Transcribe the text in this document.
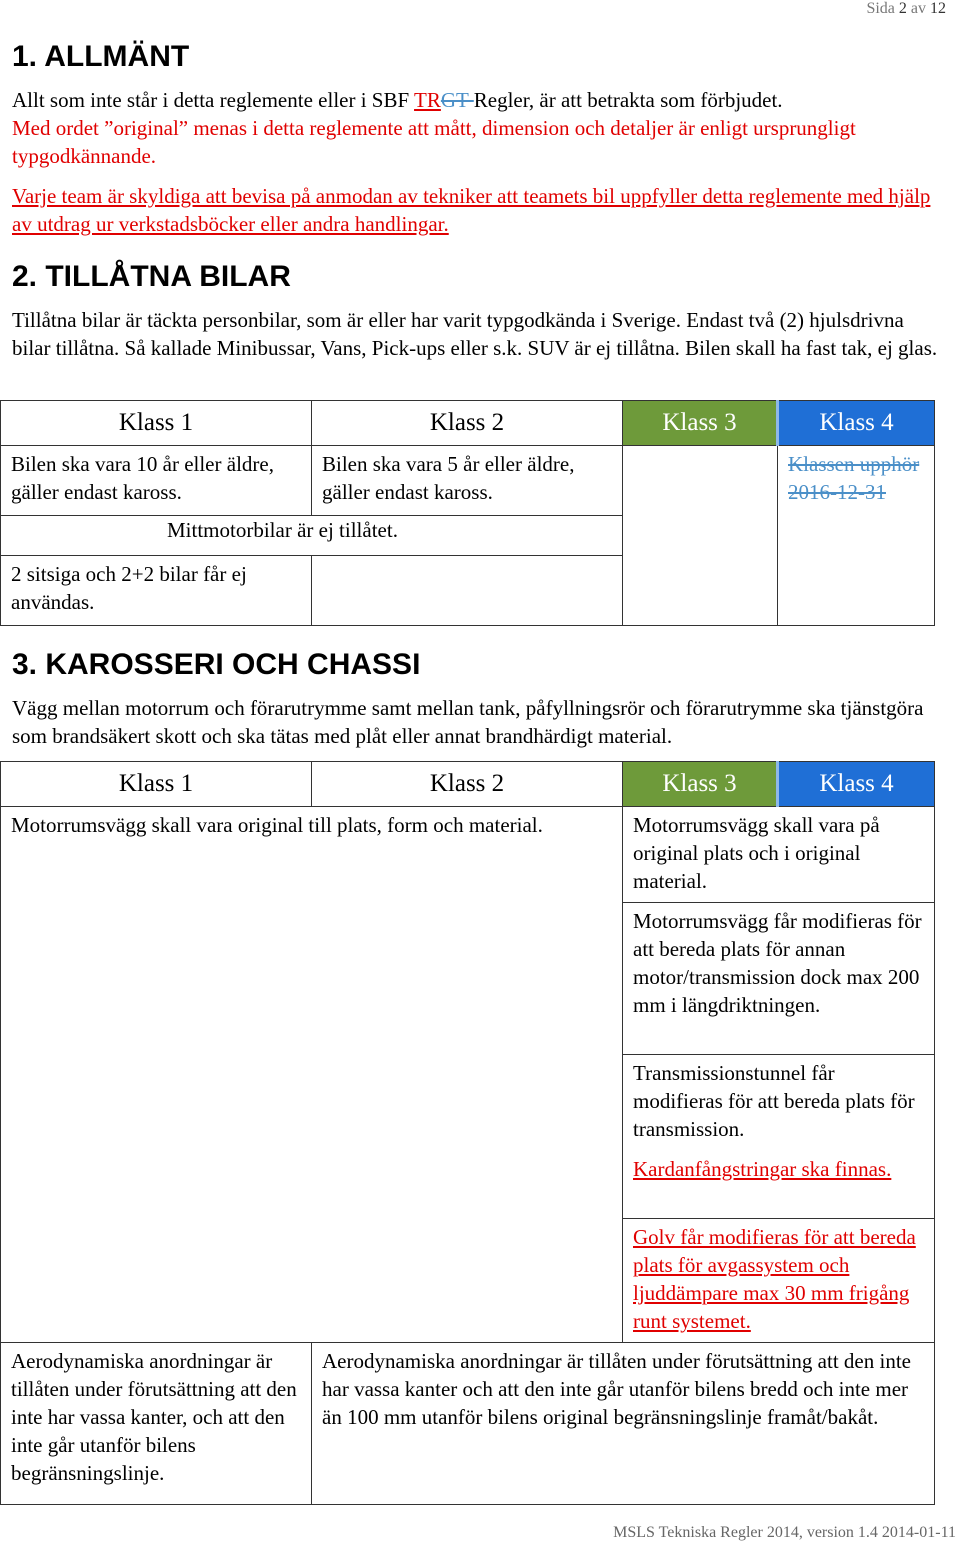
Sida 2 av 12
1. ALLMÄNT
Allt som inte står i detta reglemente eller i SBF TRGT Regler, är att betrakta som förbjudet.
Med ordet ”original” menas i detta reglemente att mått, dimension och detaljer är enligt ursprungligt typgodkännande.
Varje team är skyldiga att bevisa på anmodan av tekniker att teamets bil uppfyller detta reglemente med hjälp av utdrag ur verkstadsböcker eller andra handlingar.
2. TILLÅTNA BILAR
Tillåtna bilar är täckta personbilar, som är eller har varit typgodkända i Sverige. Endast två (2) hjulsdrivna bilar tillåtna. Så kallade Minibussar, Vans, Pick-ups eller s.k. SUV är ej tillåtna. Bilen skall ha fast tak, ej glas.
Klass 1	Klass 2	Klass 3	Klass 4
Bilen ska vara 10 år eller äldre, gäller endast kaross.	Bilen ska vara 5 år eller äldre, gäller endast kaross.		Klassen upphör 2016-12-31
Mittmotorbilar är ej tillåtet.			
2 sitsiga och 2+2 bilar får ej användas.			
3. KAROSSERI OCH CHASSI
Vägg mellan motorrum och förarutrymme samt mellan tank, påfyllningsrör och förarutrymme ska tjänstgöra som brandsäkert skott och ska tätas med plåt eller annat brandhärdigt material.
Klass 1	Klass 2	Klass 3	Klass 4
Motorrumsvägg skall vara original till plats, form och material.		Motorrumsvägg skall vara på original plats och i original material.	
		Motorrumsvägg får modifieras för att bereda plats för annan motor/transmission dock max 200 mm i längdriktningen.	

		Transmissionstunnel får modifieras för att bereda plats för transmission.
Kardanfångstringar ska finnas.	

		Golv får modifieras för att bereda plats för avgassystem och ljuddämpare max 30 mm frigång runt systemet.	
Aerodynamiska anordningar är tillåten under förutsättning att den inte har vassa kanter, och att den inte går utanför bilens begränsningslinje.	Aerodynamiska anordningar är tillåten under förutsättning att den inte har vassa kanter och att den inte går utanför bilens bredd och inte mer än 100 mm utanför bilens original begränsningslinje framåt/bakåt.		
MSLS Tekniska Regler 2014, version 1.4 2014-01-11
